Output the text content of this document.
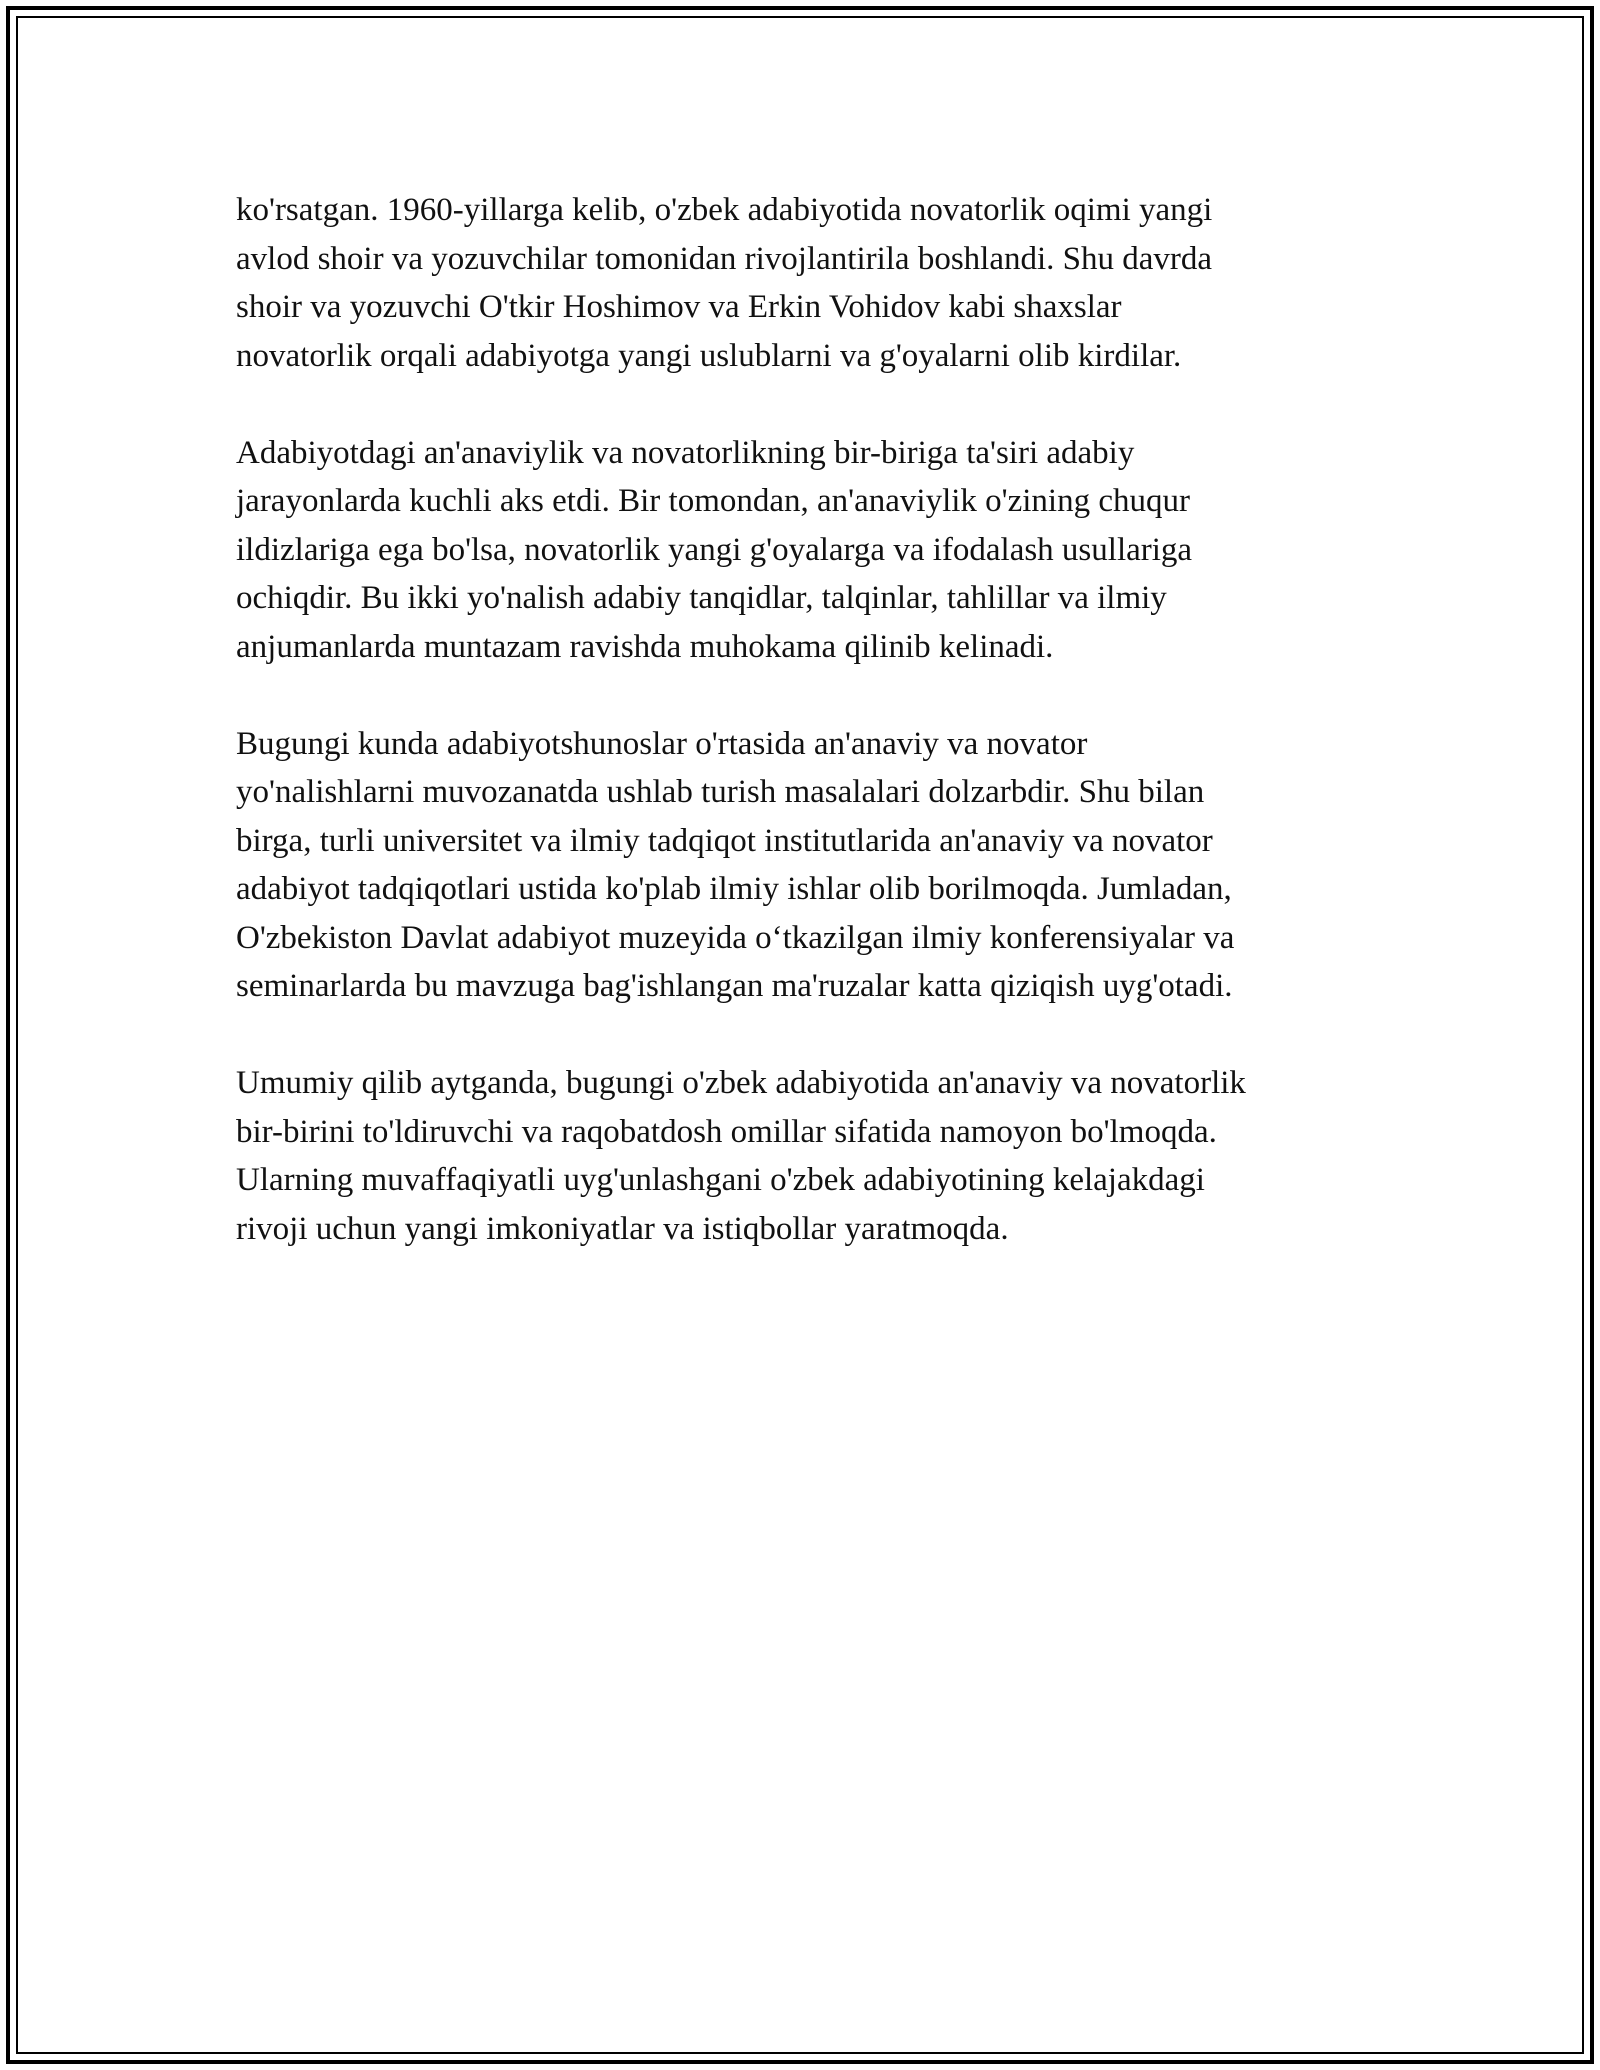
ko'rsatgan. 1960-yillarga kelib, o'zbek adabiyotida novatorlik oqimi yangi
avlod shoir va yozuvchilar tomonidan rivojlantirila boshlandi. Shu davrda
shoir va yozuvchi O'tkir Hoshimov va Erkin Vohidov kabi shaxslar
novatorlik orqali adabiyotga yangi uslublarni va g'oyalarni olib kirdilar.

Adabiyotdagi an'anaviylik va novatorlikning bir-biriga ta'siri adabiy
jarayonlarda kuchli aks etdi. Bir tomondan, an'anaviylik o'zining chuqur
ildizlariga ega bo'lsa, novatorlik yangi g'oyalarga va ifodalash usullariga
ochiqdir. Bu ikki yo'nalish adabiy tanqidlar, talqinlar, tahlillar va ilmiy
anjumanlarda muntazam ravishda muhokama qilinib kelinadi.

Bugungi kunda adabiyotshunoslar o'rtasida an'anaviy va novator
yo'nalishlarni muvozanatda ushlab turish masalalari dolzarbdir. Shu bilan
birga, turli universitet va ilmiy tadqiqot institutlarida an'anaviy va novator
adabiyot tadqiqotlari ustida ko'plab ilmiy ishlar olib borilmoqda. Jumladan,
O'zbekiston Davlat adabiyot muzeyida o‘tkazilgan ilmiy konferensiyalar va
seminarlarda bu mavzuga bag'ishlangan ma'ruzalar katta qiziqish uyg'otadi.

Umumiy qilib aytganda, bugungi o'zbek adabiyotida an'anaviy va novatorlik
bir-birini to'ldiruvchi va raqobatdosh omillar sifatida namoyon bo'lmoqda.
Ularning muvaffaqiyatli uyg'unlashgani o'zbek adabiyotining kelajakdagi
rivoji uchun yangi imkoniyatlar va istiqbollar yaratmoqda.
